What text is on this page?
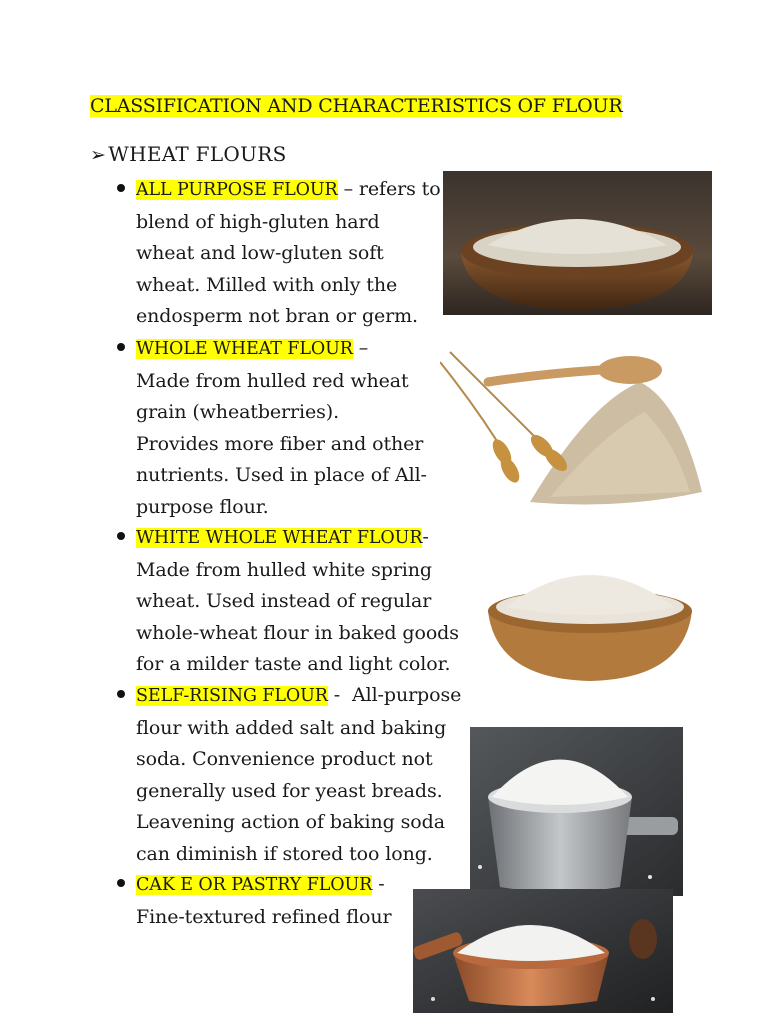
CLASSIFICATION AND CHARACTERISTICS OF FLOUR
➢ WHEAT FLOURS
ALL PURPOSE FLOUR – refers to
blend of high-gluten hard
wheat and low-gluten soft
wheat. Milled with only the
endosperm not bran or germ.
WHOLE WHEAT FLOUR –
Made from hulled red wheat
grain (wheatberries).
Provides more fiber and other
nutrients. Used in place of All-
purpose flour.
WHITE WHOLE WHEAT FLOUR-
Made from hulled white spring
wheat. Used instead of regular
whole-wheat flour in baked goods
for a milder taste and light color.
SELF-RISING FLOUR -  All-purpose
flour with added salt and baking
soda. Convenience product not
generally used for yeast breads.
Leavening action of baking soda
can diminish if stored too long.
CAK E OR PASTRY FLOUR -
Fine-textured refined flour
